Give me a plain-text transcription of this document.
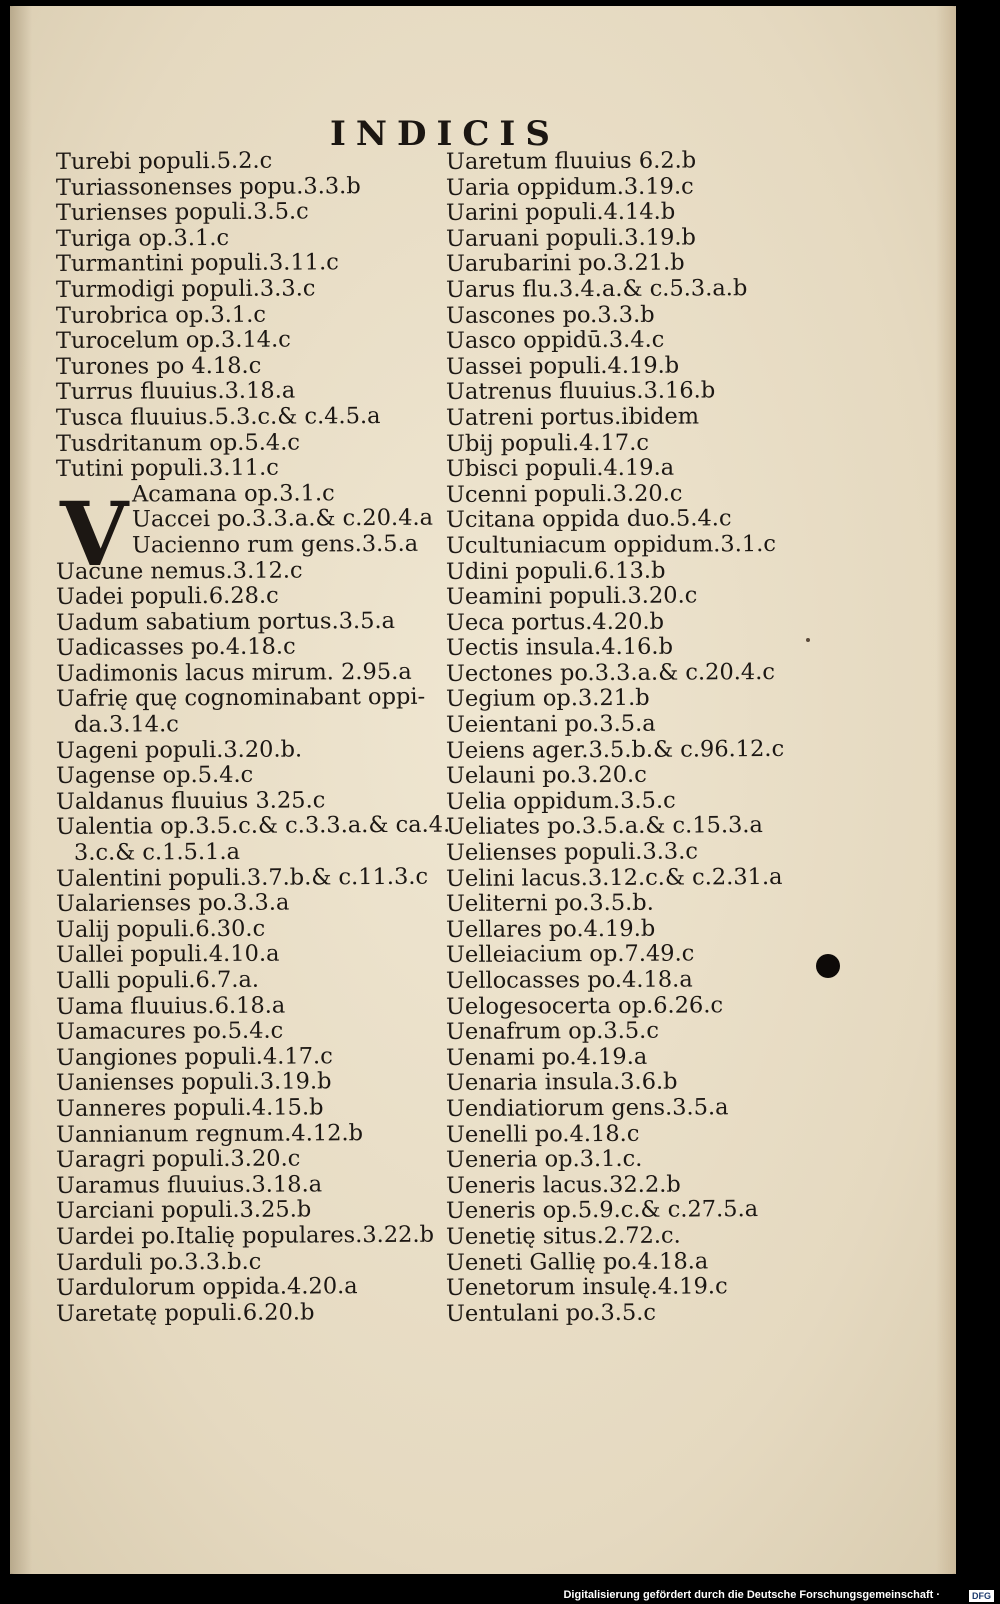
INDICIS
Turebi populi.5.2.c
Turiassonenses popu.3.3.b
Turienses populi.3.5.c
Turiga op.3.1.c
Turmantini populi.3.11.c
Turmodigi populi.3.3.c
Turobrica op.3.1.c
Turocelum op.3.14.c
Turones po 4.18.c
Turrus fluuius.3.18.a
Tusca fluuius.5.3.c.& c.4.5.a
Tusdritanum op.5.4.c
Tutini populi.3.11.c
Acamana op.3.1.c
Uaccei po.3.3.a.& c.20.4.a
Uacienno rum gens.3.5.a
Uacune nemus.3.12.c
Uadei populi.6.28.c
Uadum sabatium portus.3.5.a
Uadicasses po.4.18.c
Uadimonis lacus mirum. 2.95.a
Uafrię quę cognominabant oppi-
da.3.14.c
Uageni populi.3.20.b.
Uagense op.5.4.c
Ualdanus fluuius 3.25.c
Ualentia op.3.5.c.& c.3.3.a.& ca.4.
3.c.& c.1.5.1.a
Ualentini populi.3.7.b.& c.11.3.c
Ualarienses po.3.3.a
Ualij populi.6.30.c
Uallei populi.4.10.a
Ualli populi.6.7.a.
Uama fluuius.6.18.a
Uamacures po.5.4.c
Uangiones populi.4.17.c
Uanienses populi.3.19.b
Uanneres populi.4.15.b
Uannianum regnum.4.12.b
Uaragri populi.3.20.c
Uaramus fluuius.3.18.a
Uarciani populi.3.25.b
Uardei po.Italię populares.3.22.b
Uarduli po.3.3.b.c
Uardulorum oppida.4.20.a
Uaretatę populi.6.20.b
V
Uaretum fluuius 6.2.b
Uaria oppidum.3.19.c
Uarini populi.4.14.b
Uaruani populi.3.19.b
Uarubarini po.3.21.b
Uarus flu.3.4.a.& c.5.3.a.b
Uascones po.3.3.b
Uasco oppidū.3.4.c
Uassei populi.4.19.b
Uatrenus fluuius.3.16.b
Uatreni portus.ibidem
Ubij populi.4.17.c
Ubisci populi.4.19.a
Ucenni populi.3.20.c
Ucitana oppida duo.5.4.c
Ucultuniacum oppidum.3.1.c
Udini populi.6.13.b
Ueamini populi.3.20.c
Ueca portus.4.20.b
Uectis insula.4.16.b
Uectones po.3.3.a.& c.20.4.c
Uegium op.3.21.b
Ueientani po.3.5.a
Ueiens ager.3.5.b.& c.96.12.c
Uelauni po.3.20.c
Uelia oppidum.3.5.c
Ueliates po.3.5.a.& c.15.3.a
Uelienses populi.3.3.c
Uelini lacus.3.12.c.& c.2.31.a
Ueliterni po.3.5.b.
Uellares po.4.19.b
Uelleiacium op.7.49.c
Uellocasses po.4.18.a
Uelogesocerta op.6.26.c
Uenafrum op.3.5.c
Uenami po.4.19.a
Uenaria insula.3.6.b
Uendiatiorum gens.3.5.a
Uenelli po.4.18.c
Ueneria op.3.1.c.
Ueneris lacus.32.2.b
Ueneris op.5.9.c.& c.27.5.a
Uenetię situs.2.72.c.
Ueneti Gallię po.4.18.a
Uenetorum insulę.4.19.c
Uentulani po.3.5.c
Digitalisierung gefördert durch die Deutsche Forschungsgemeinschaft ·	DFG
